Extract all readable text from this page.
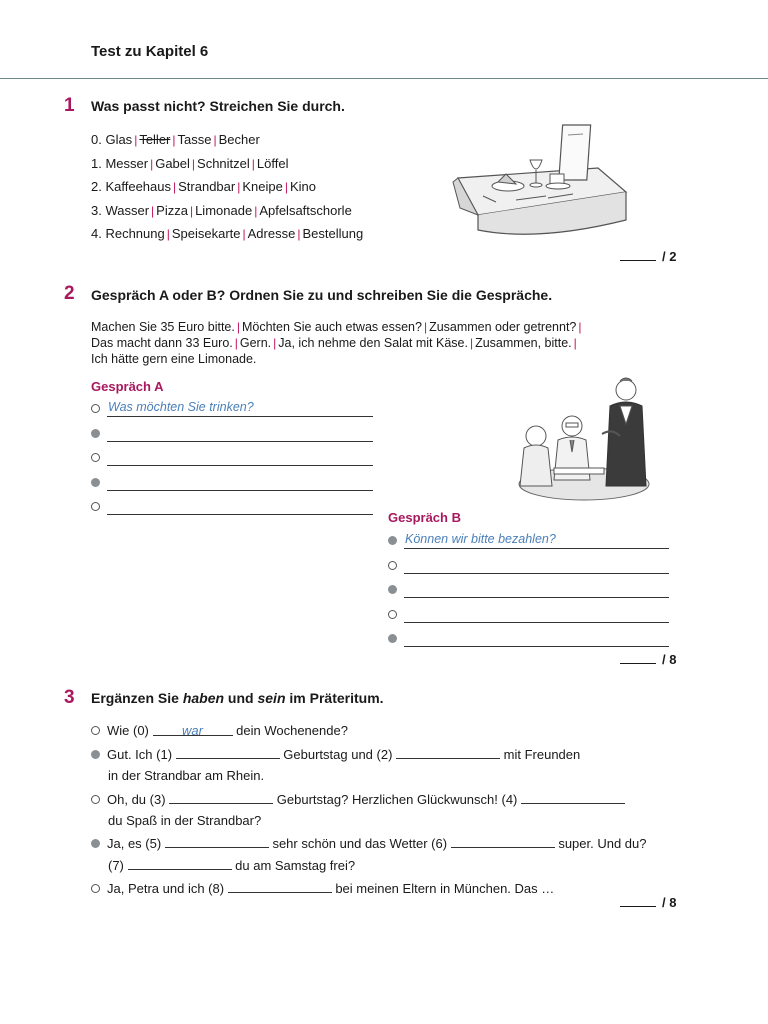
Test zu Kapitel 6
1 Was passt nicht? Streichen Sie durch.
0. Glas | Teller | Tasse | Becher
1. Messer | Gabel | Schnitzel | Löffel
2. Kaffeehaus | Strandbar | Kneipe | Kino
3. Wasser | Pizza | Limonade | Apfelsaftschorle
4. Rechnung | Speisekarte | Adresse | Bestellung
/ 2
2 Gespräch A oder B? Ordnen Sie zu und schreiben Sie die Gespräche.
Machen Sie 35 Euro bitte. | Möchten Sie auch etwas essen? | Zusammen oder getrennt? |
Das macht dann 33 Euro. | Gern. | Ja, ich nehme den Salat mit Käse. | Zusammen, bitte. |
Ich hätte gern eine Limonade.
Gespräch A
Was möchten Sie trinken?
Gespräch B
Können wir bitte bezahlen?
/ 8
3 Ergänzen Sie haben und sein im Präteritum.
Wie (0)	war	dein Wochenende?
Gut. Ich (1)	Geburtstag und (2)	mit Freunden
in der Strandbar am Rhein.
Oh, du (3)	Geburtstag? Herzlichen Glückwunsch! (4)
du Spaß in der Strandbar?
Ja, es (5)	sehr schön und das Wetter (6)	super. Und du?
(7)	du am Samstag frei?
Ja, Petra und ich (8)	bei meinen Eltern in München. Das …
/ 8
